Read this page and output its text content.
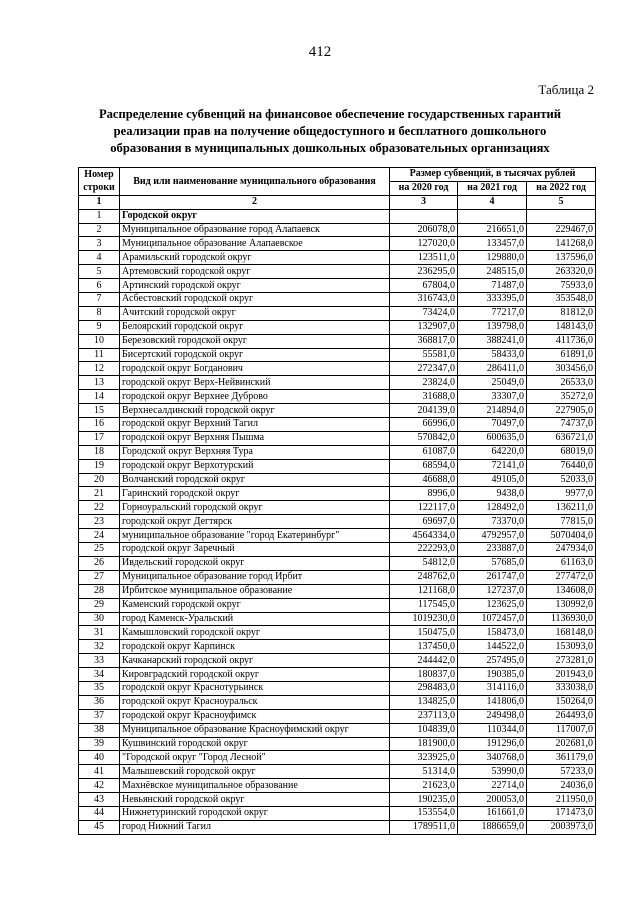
412
Таблица 2
Распределение субвенций на финансовое обеспечение государственных гарантий
реализации прав на получение общедоступного и бесплатного дошкольного
образования в муниципальных дошкольных образовательных организациях
Номер строки	Вид или наименование муниципального образования	Размер субвенций, в тысячах рублей		
		на 2020 год	на 2021 год	на 2022 год
1	2	3	4	5
1	Городской округ			
2	Муниципальное образование город Алапаевск	206078,0	216651,0	229467,0
3	Муниципальное образование Алапаевское	127020,0	133457,0	141268,0
4	Арамильский городской округ	123511,0	129880,0	137596,0
5	Артемовский городской округ	236295,0	248515,0	263320,0
6	Артинский городской округ	67804,0	71487,0	75933,0
7	Асбестовский городской округ	316743,0	333395,0	353548,0
8	Ачитский городской округ	73424,0	77217,0	81812,0
9	Белоярский городской округ	132907,0	139798,0	148143,0
10	Березовский городской округ	368817,0	388241,0	411736,0
11	Бисертский городской округ	55581,0	58433,0	61891,0
12	городской округ Богданович	272347,0	286411,0	303456,0
13	городской округ Верх-Нейвинский	23824,0	25049,0	26533,0
14	городской округ Верхнее Дуброво	31688,0	33307,0	35272,0
15	Верхнесалдинский городской округ	204139,0	214894,0	227905,0
16	городской округ Верхний Тагил	66996,0	70497,0	74737,0
17	городской округ Верхняя Пышма	570842,0	600635,0	636721,0
18	Городской округ Верхняя Тура	61087,0	64220,0	68019,0
19	городской округ Верхотурский	68594,0	72141,0	76440,0
20	Волчанский городской округ	46688,0	49105,0	52033,0
21	Гаринский городской округ	8996,0	9438,0	9977,0
22	Горноуральский городской округ	122117,0	128492,0	136211,0
23	городской округ Дегтярск	69697,0	73370,0	77815,0
24	муниципальное образование "город Екатеринбург"	4564334,0	4792957,0	5070404,0
25	городской округ Заречный	222293,0	233887,0	247934,0
26	Ивдельский городской округ	54812,0	57685,0	61163,0
27	Муниципальное образование город Ирбит	248762,0	261747,0	277472,0
28	Ирбитское муниципальное образование	121168,0	127237,0	134608,0
29	Каменский городской округ	117545,0	123625,0	130992,0
30	город Каменск-Уральский	1019230,0	1072457,0	1136930,0
31	Камышловский городской округ	150475,0	158473,0	168148,0
32	городской округ Карпинск	137450,0	144522,0	153093,0
33	Качканарский городской округ	244442,0	257495,0	273281,0
34	Кировградский городской округ	180837,0	190385,0	201943,0
35	городской округ Краснотурьинск	298483,0	314116,0	333038,0
36	городской округ Красноуральск	134825,0	141806,0	150264,0
37	городской округ Красноуфимск	237113,0	249498,0	264493,0
38	Муниципальное образование Красноуфимский округ	104839,0	110344,0	117007,0
39	Кушвинский городской округ	181900,0	191296,0	202681,0
40	"Городской округ "Город Лесной"	323925,0	340768,0	361179,0
41	Малышевский городской округ	51314,0	53990,0	57233,0
42	Махнёвское муниципальное образование	21623,0	22714,0	24036,0
43	Невьянский городской округ	190235,0	200053,0	211950,0
44	Нижнетуринский городской округ	153554,0	161661,0	171473,0
45	город Нижний Тагил	1789511,0	1886659,0	2003973,0
